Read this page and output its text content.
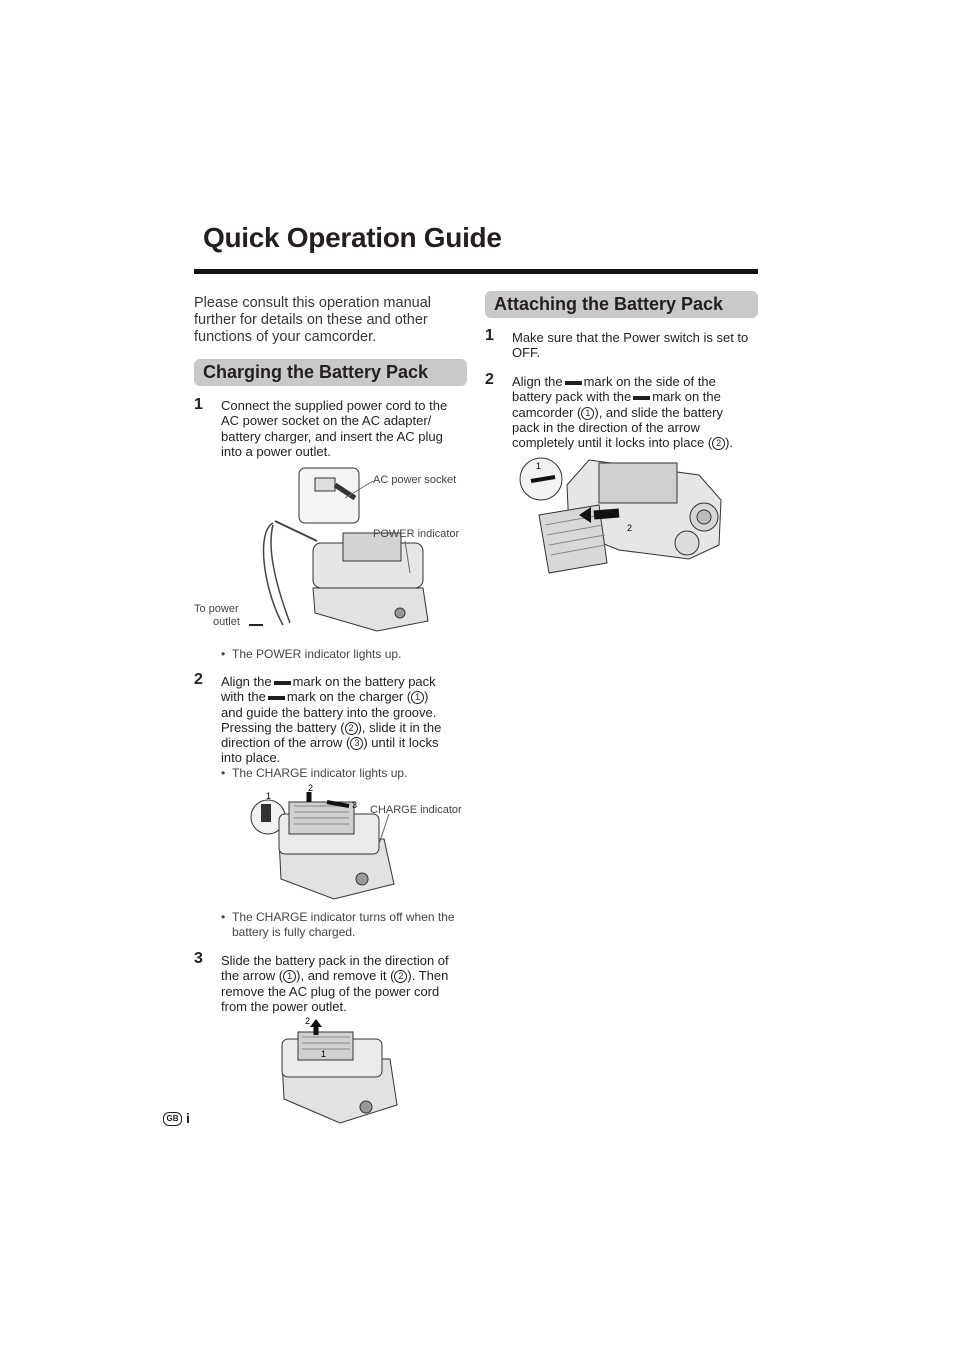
Quick Operation Guide
Please consult this operation manual further for details on these and other functions of your camcorder.
Charging the Battery Pack
1 Connect the supplied power cord to the AC power socket on the AC adapter/ battery charger, and insert the AC plug into a power outlet.
AC power socket
POWER indicator
To power
outlet
• The POWER indicator lights up.
2 Align the mark on the battery pack
with the mark on the charger ( 1 )
and guide the battery into the groove.
Pressing the battery ( 2 ), slide it in the
direction of the arrow ( 3 ) until it locks
into place.
• The CHARGE indicator lights up.
1
2
3 CHARGE indicator
• The CHARGE indicator turns off when the battery is fully charged.
3 Slide the battery pack in the direction of
the arrow ( 1 ), and remove it ( 2 ). Then
remove the AC plug of the power cord
from the power outlet.
2
1
GB i
Attaching the Battery Pack
1 Make sure that the Power switch is set to OFF.
2 Align the mark on the side of the
battery pack with the mark on the
camcorder ( 1 ), and slide the battery
pack in the direction of the arrow
completely until it locks into place ( 2 ).
1
2
